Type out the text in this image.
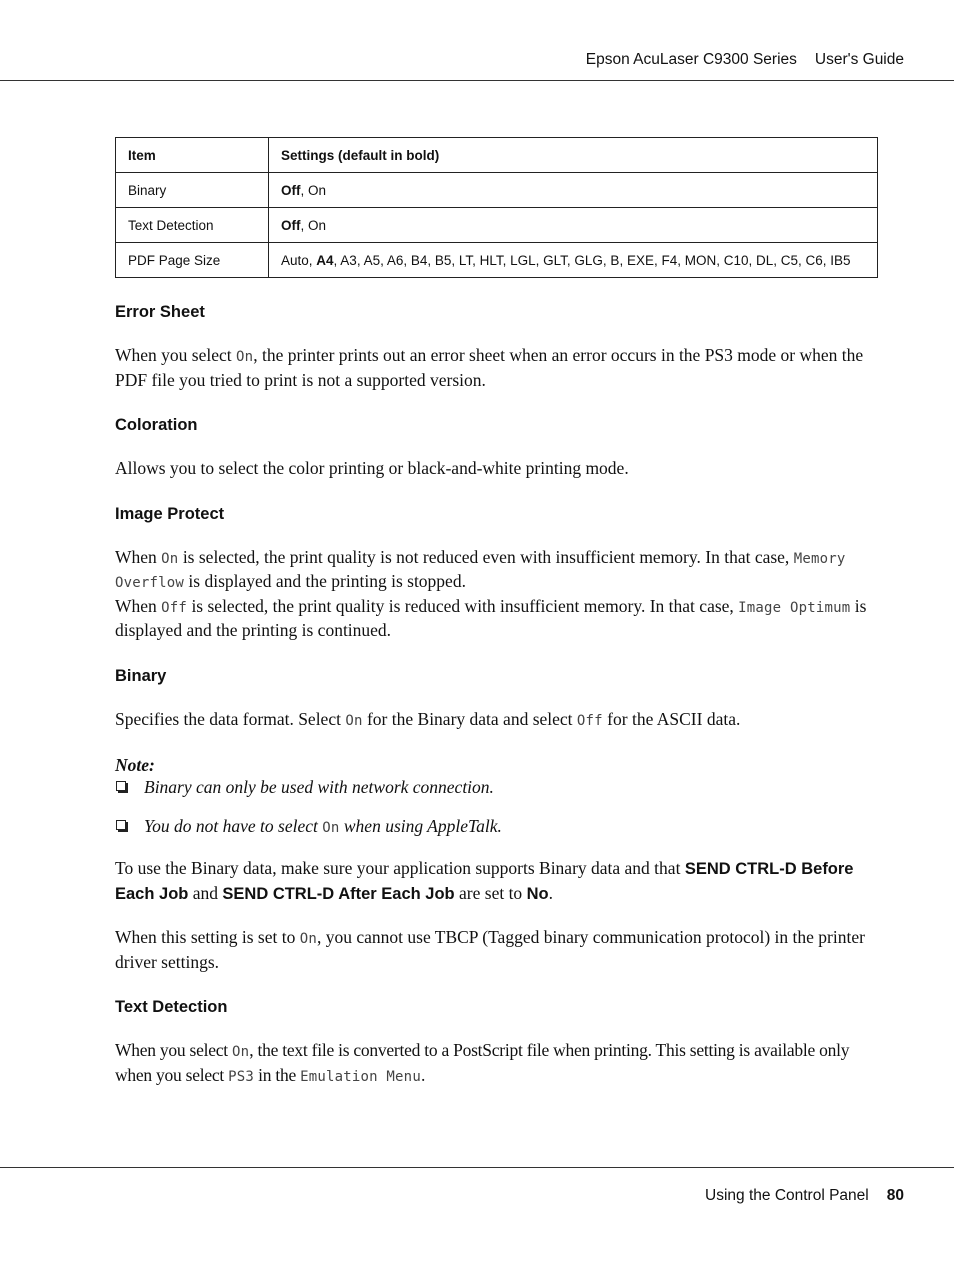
Epson AcuLaser C9300 Series User's Guide
Item	Settings (default in bold)
Binary	Off, On
Text Detection	Off, On
PDF Page Size	Auto, A4, A3, A5, A6, B4, B5, LT, HLT, LGL, GLT, GLG, B, EXE, F4, MON, C10, DL, C5, C6, IB5
Error Sheet

When you select On, the printer prints out an error sheet when an error occurs in the PS3 mode or when the PDF file you tried to print is not a supported version.

Coloration

Allows you to select the color printing or black-and-white printing mode.

Image Protect

When On is selected, the print quality is not reduced even with insufficient memory. In that case, Memory Overflow is displayed and the printing is stopped.
When Off is selected, the print quality is reduced with insufficient memory. In that case, Image Optimum is displayed and the printing is continued.

Binary

Specifies the data format. Select On for the Binary data and select Off for the ASCII data.

Note:
Binary can only be used with network connection.
You do not have to select On when using AppleTalk.

To use the Binary data, make sure your application supports Binary data and that SEND CTRL-D Before Each Job and SEND CTRL-D After Each Job are set to No.

When this setting is set to On, you cannot use TBCP (Tagged binary communication protocol) in the printer driver settings.

Text Detection

When you select On, the text file is converted to a PostScript file when printing. This setting is available only when you select PS3 in the Emulation Menu.

Using the Control Panel 80
